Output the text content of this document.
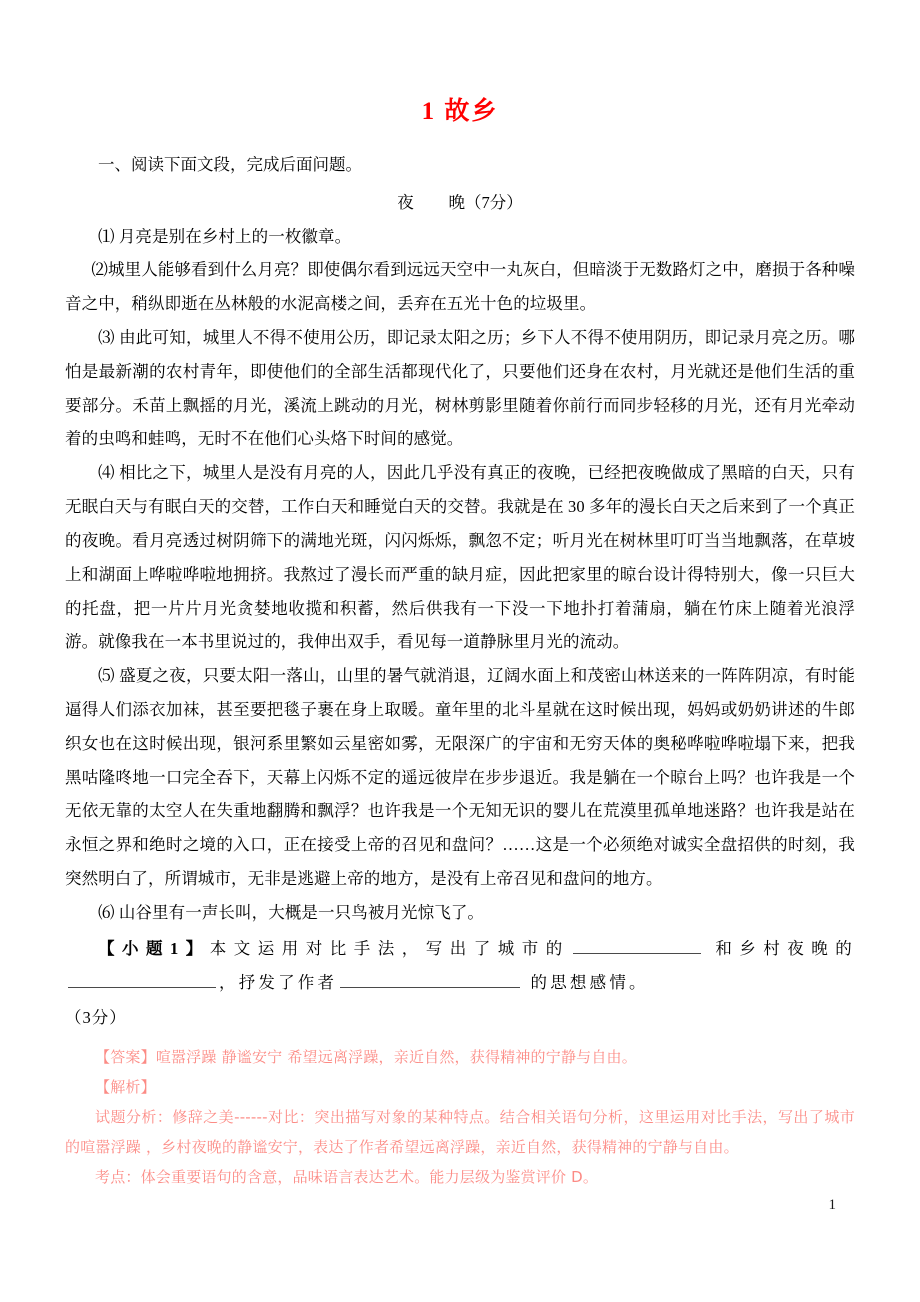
1 故乡

一、阅读下面文段，完成后面问题。

夜 晚（7分）

⑴ 月亮是别在乡村上的一枚徽章。

⑵城里人能够看到什么月亮？即使偶尔看到远远天空中一丸灰白，但暗淡于无数路灯之中，磨损于各种噪音之中，稍纵即逝在丛林般的水泥高楼之间，丢弃在五光十色的垃圾里。

⑶ 由此可知，城里人不得不使用公历，即记录太阳之历；乡下人不得不使用阴历，即记录月亮之历。哪怕是最新潮的农村青年，即使他们的全部生活都现代化了，只要他们还身在农村，月光就还是他们生活的重要部分。禾苗上飘摇的月光，溪流上跳动的月光，树林剪影里随着你前行而同步轻移的月光，还有月光牵动着的虫鸣和蛙鸣，无时不在他们心头烙下时间的感觉。

⑷ 相比之下，城里人是没有月亮的人，因此几乎没有真正的夜晚，已经把夜晚做成了黑暗的白天，只有无眠白天与有眠白天的交替，工作白天和睡觉白天的交替。我就是在 30 多年的漫长白天之后来到了一个真正的夜晚。看月亮透过树阴筛下的满地光斑，闪闪烁烁，飘忽不定；听月光在树林里叮叮当当地飘落，在草坡上和湖面上哗啦哗啦地拥挤。我熬过了漫长而严重的缺月症，因此把家里的晾台设计得特别大，像一只巨大的托盘，把一片片月光贪婪地收揽和积蓄，然后供我有一下没一下地扑打着蒲扇，躺在竹床上随着光浪浮游。就像我在一本书里说过的，我伸出双手，看见每一道静脉里月光的流动。

⑸ 盛夏之夜，只要太阳一落山，山里的暑气就消退，辽阔水面上和茂密山林送来的一阵阵阴凉，有时能逼得人们添衣加袜，甚至要把毯子裹在身上取暖。童年里的北斗星就在这时候出现，妈妈或奶奶讲述的牛郎织女也在这时候出现，银河系里繁如云星密如雾，无限深广的宇宙和无穷天体的奥秘哗啦哗啦塌下来，把我黑咕隆咚地一口完全吞下，天幕上闪烁不定的遥远彼岸在步步退近。我是躺在一个晾台上吗？也许我是一个无依无靠的太空人在失重地翻腾和飘浮？也许我是一个无知无识的婴儿在荒漠里孤单地迷路？也许我是站在永恒之界和绝时之境的入口，正在接受上帝的召见和盘问？……这是一个必须绝对诚实全盘招供的时刻，我突然明白了，所谓城市，无非是逃避上帝的地方，是没有上帝召见和盘问的地方。

⑹ 山谷里有一声长叫，大概是一只鸟被月光惊飞了。

【小题1】本文运用对比手法，写出了城市的	和乡村夜晚的，抒发了作者	的思想感情。

（3分）

【答案】喧嚣浮躁 静谧安宁 希望远离浮躁，亲近自然，获得精神的宁静与自由。

【解析】

试题分析：修辞之美------对比：突出描写对象的某种特点。结合相关语句分析，这里运用对比手法，写出了城市的喧嚣浮躁 ，乡村夜晚的静谧安宁，表达了作者希望远离浮躁，亲近自然，获得精神的宁静与自由。

考点：体会重要语句的含意，品味语言表达艺术。能力层级为鉴赏评价 D。

1
